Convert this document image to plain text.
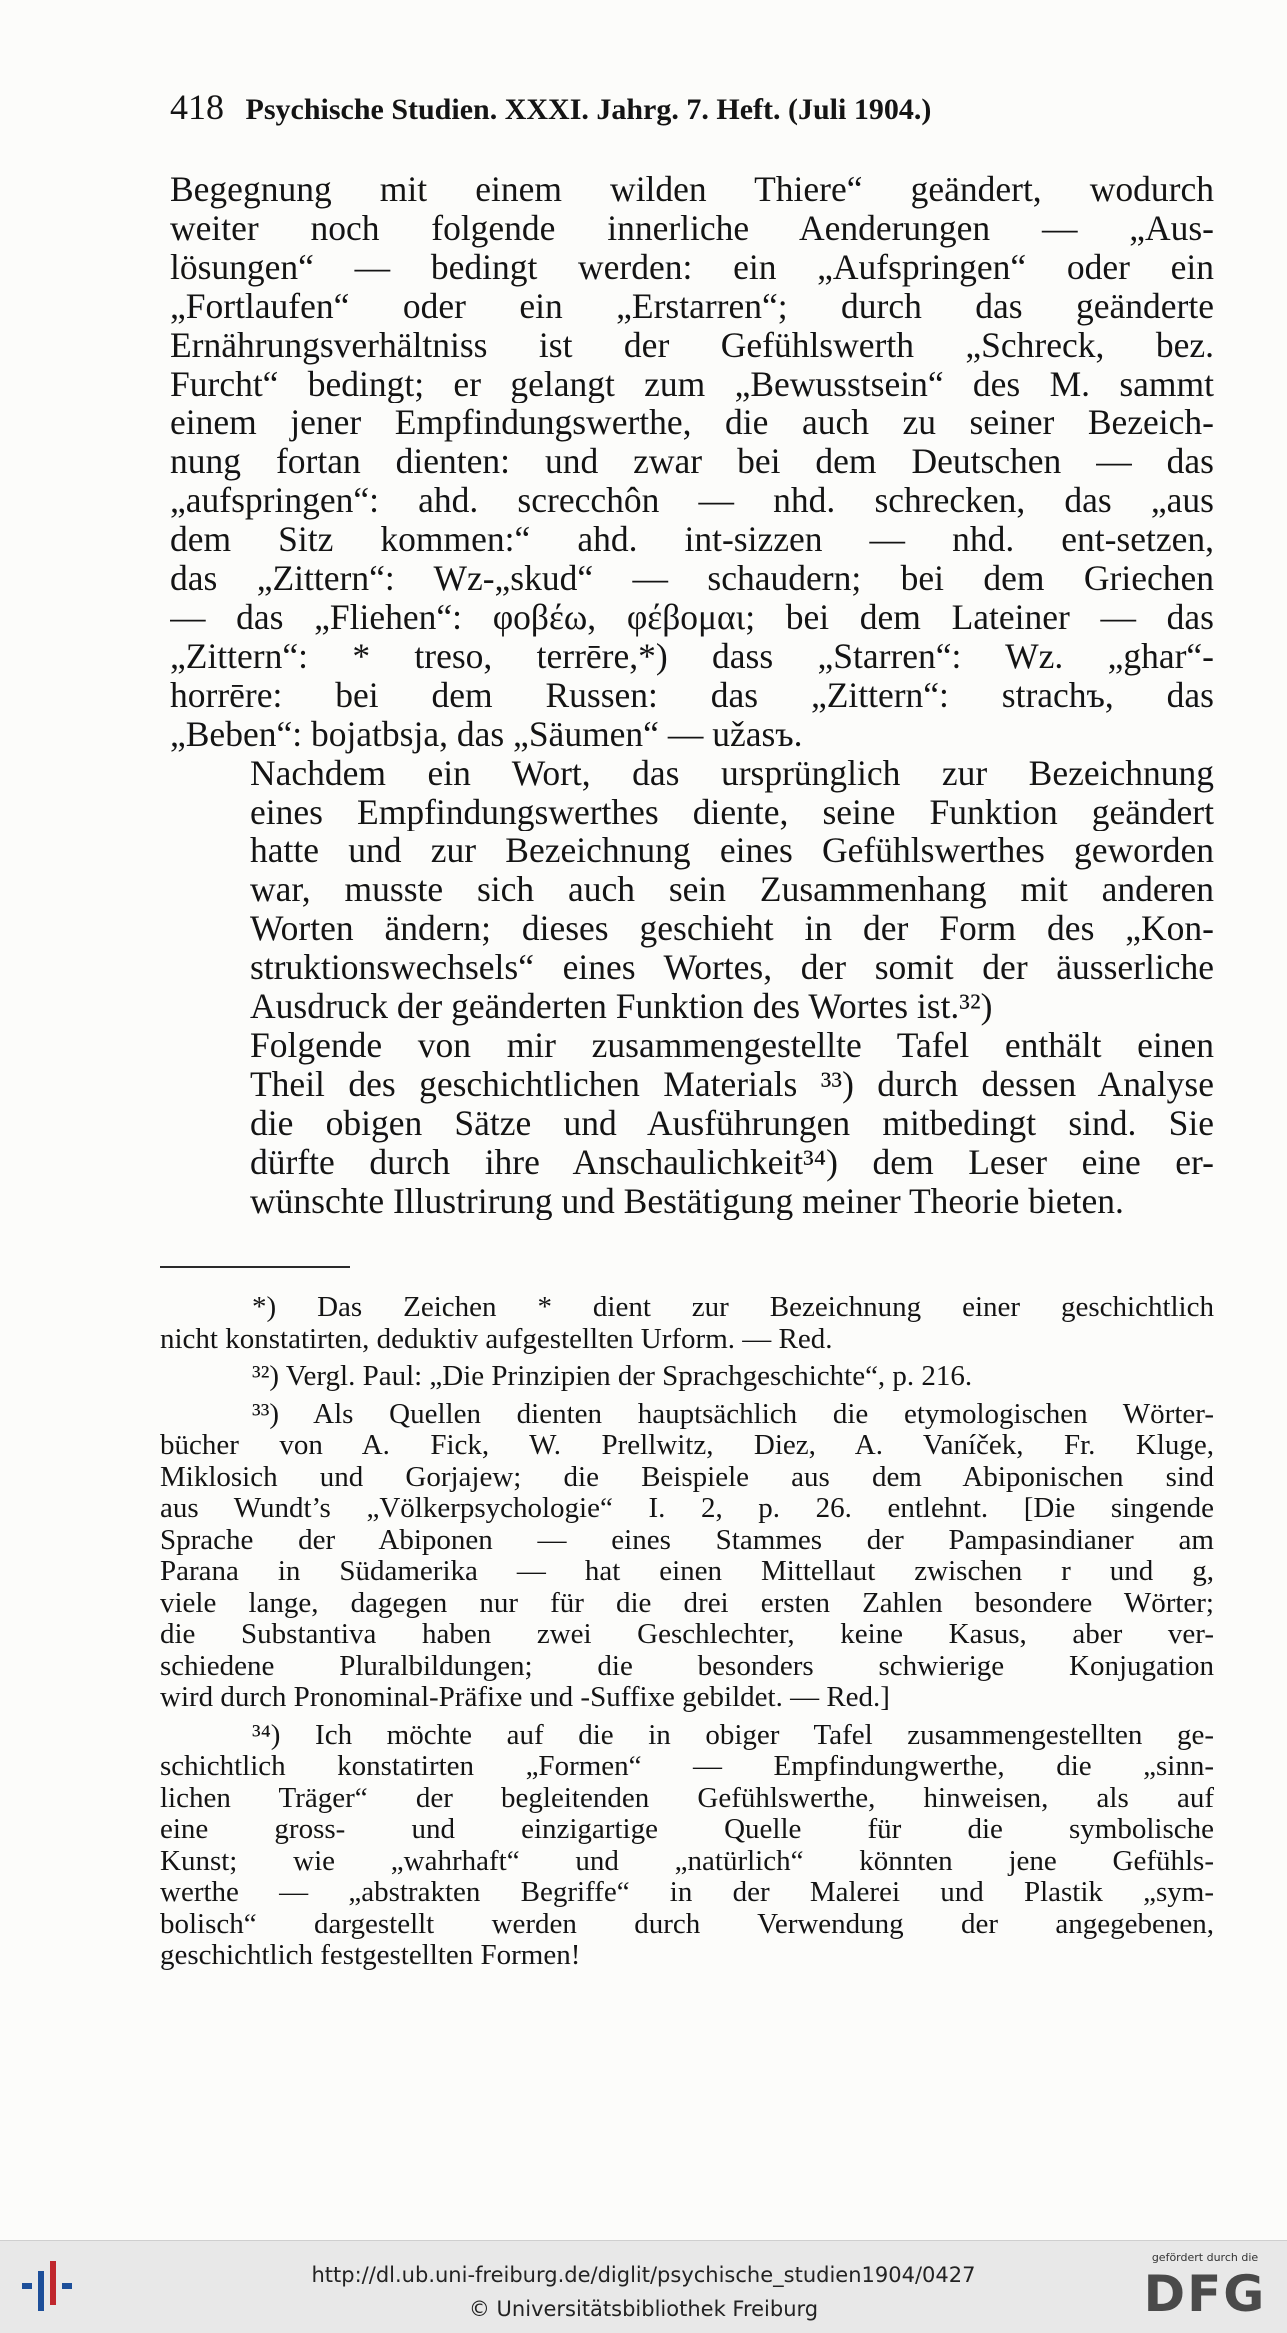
418 Psychische Studien. XXXI. Jahrg. 7. Heft. (Juli 1904.)

Begegnung mit einem wilden Thiere“ geändert, wodurch
weiter noch folgende innerliche Aenderungen — „Aus-
lösungen“ — bedingt werden: ein „Aufspringen“ oder ein
„Fortlaufen“ oder ein „Erstarren“; durch das geänderte
Ernährungsverhältniss ist der Gefühlswerth „Schreck, bez.
Furcht“ bedingt; er gelangt zum „Bewusstsein“ des M. sammt
einem jener Empfindungswerthe, die auch zu seiner Bezeich-
nung fortan dienten: und zwar bei dem Deutschen — das
„aufspringen“: ahd. screcchôn — nhd. schrecken, das „aus
dem Sitz kommen:“ ahd. int-sizzen — nhd. ent-setzen,
das „Zittern“: Wz-„skud“ — schaudern; bei dem Griechen
— das „Fliehen“: φοβέω, φέβομαι; bei dem Lateiner — das
„Zittern“: * treso, terrēre,*) dass „Starren“: Wz. „ghar“-
horrēre: bei dem Russen: das „Zittern“: strachъ, das
„Beben“: bojatbsja, das „Säumen“ — užasъ.

Nachdem ein Wort, das ursprünglich zur Bezeichnung
eines Empfindungswerthes diente, seine Funktion geändert
hatte und zur Bezeichnung eines Gefühlswerthes geworden
war, musste sich auch sein Zusammenhang mit anderen
Worten ändern; dieses geschieht in der Form des „Kon-
struktionswechsels“ eines Wortes, der somit der äusserliche
Ausdruck der geänderten Funktion des Wortes ist.³²)

Folgende von mir zusammengestellte Tafel enthält einen
Theil des geschichtlichen Materials ³³) durch dessen Analyse
die obigen Sätze und Ausführungen mitbedingt sind. Sie
dürfte durch ihre Anschaulichkeit³⁴) dem Leser eine er-
wünschte Illustrirung und Bestätigung meiner Theorie bieten.

*) Das Zeichen * dient zur Bezeichnung einer geschichtlich
nicht konstatirten, deduktiv aufgestellten Urform. — Red.

³²) Vergl. Paul: „Die Prinzipien der Sprachgeschichte“, p. 216.

³³) Als Quellen dienten hauptsächlich die etymologischen Wörter-
bücher von A. Fick, W. Prellwitz, Diez, A. Vaníček, Fr. Kluge,
Miklosich und Gorjajew; die Beispiele aus dem Abiponischen sind
aus Wundt’s „Völkerpsychologie“ I. 2, p. 26. entlehnt. [Die singende
Sprache der Abiponen — eines Stammes der Pampasindianer am
Parana in Südamerika — hat einen Mittellaut zwischen r und g,
viele lange, dagegen nur für die drei ersten Zahlen besondere Wörter;
die Substantiva haben zwei Geschlechter, keine Kasus, aber ver-
schiedene Pluralbildungen; die besonders schwierige Konjugation
wird durch Pronominal-Präfixe und -Suffixe gebildet. — Red.]

³⁴) Ich möchte auf die in obiger Tafel zusammengestellten ge-
schichtlich konstatirten „Formen“ — Empfindungwerthe, die „sinn-
lichen Träger“ der begleitenden Gefühlswerthe, hinweisen, als auf
eine gross- und einzigartige Quelle für die symbolische
Kunst; wie „wahrhaft“ und „natürlich“ könnten jene Gefühls-
werthe — „abstrakten Begriffe“ in der Malerei und Plastik „sym-
bolisch“ dargestellt werden durch Verwendung der angegebenen,
geschichtlich festgestellten Formen!

http://dl.ub.uni-freiburg.de/diglit/psychische_studien1904/0427
© Universitätsbibliothek Freiburg
gefördert durch die
DFG
